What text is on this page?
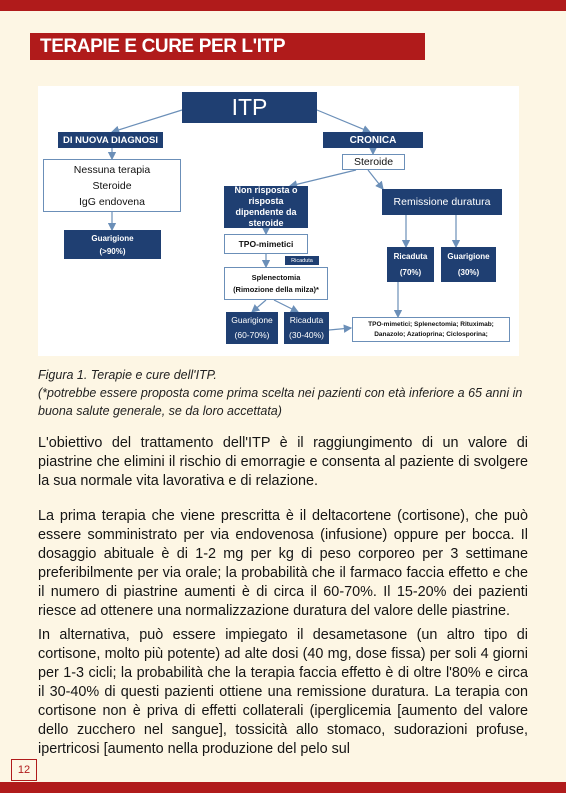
TERAPIE E CURE PER L'ITP
ITP
DI NUOVA DIAGNOSI	CRONICA
Nessuna terapia
Steroide
IgG endovena
Steroide
Non risposta o risposta dipendente da steroide
Remissione duratura
Guarigione
(>90%)
TPO-mimetici
Ricaduta
Splenectomia
(Rimozione della milza)*
Guarigione
(60-70%)
Ricaduta
(30-40%)
Ricaduta
(70%)
Guarigione
(30%)
TPO-mimetici; Splenectomia; Rituximab;
Danazolo; Azatioprina; Ciclosporina;
Figura 1. Terapie e cure dell'ITP.
(*potrebbe essere proposta come prima scelta nei pazienti con età inferiore a 65 anni in buona salute generale, se da loro accettata)

L'obiettivo del trattamento dell'ITP è il raggiungimento di un valore di piastrine che elimini il rischio di emorragie e consenta al paziente di svolgere la sua normale vita lavorativa e di relazione.

La prima terapia che viene prescritta è il deltacortene (cortisone), che può essere somministrato per via endovenosa (infusione) oppure per bocca. Il dosaggio abituale è di 1-2 mg per kg di peso corporeo per 3 settimane preferibilmente per via orale; la probabilità che il farmaco faccia effetto e che il numero di piastrine aumenti è di circa il 60-70%. Il 15-20% dei pazienti riesce ad ottenere una normalizzazione duratura del valore delle piastrine.

In alternativa, può essere impiegato il desametasone (un altro tipo di cortisone, molto più potente) ad alte dosi (40 mg, dose fissa) per soli 4 giorni per 1-3 cicli; la probabilità che la terapia faccia effetto è di oltre l'80% e circa il 30-40% di questi pazienti ottiene una remissione duratura. La terapia con cortisone non è priva di effetti collaterali (iperglicemia [aumento del valore dello zucchero nel sangue], tossicità allo stomaco, sudorazioni profuse, ipertricosi [aumento nella produzione del pelo sul

12
